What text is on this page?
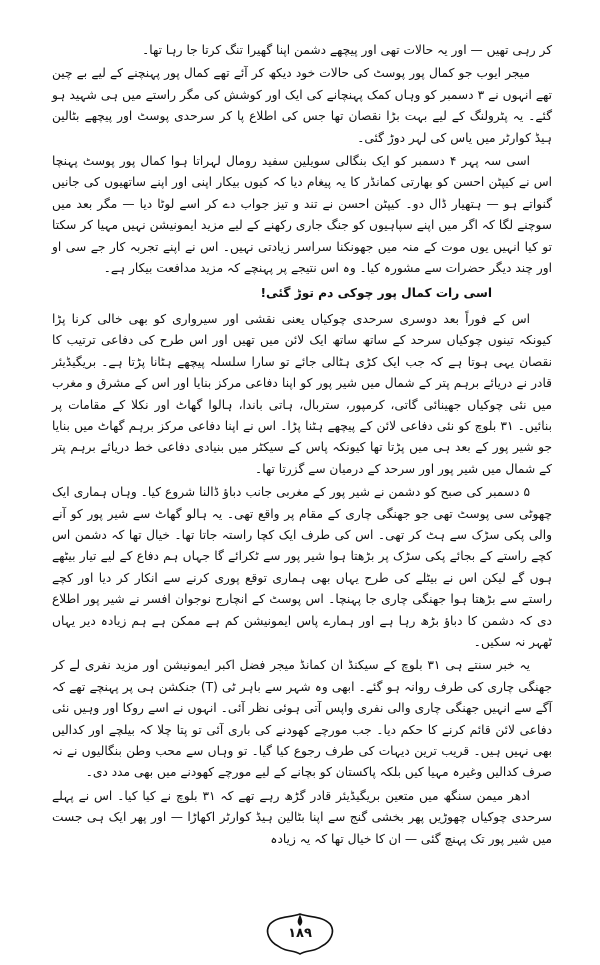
کر رہی تھیں — اور یہ حالات تھی اور پیچھے دشمن اپنا گھیرا تنگ کرتا جا رہا تھا۔

میجر ایوب جو کمال پور پوسٹ کی حالات خود دیکھ کر آئے تھے کمال پور پہنچنے کے لیے بے چین تھے انہوں نے ۳ دسمبر کو وہاں کمک پہنچانے کی ایک اور کوشش کی مگر راستے میں ہی شہید ہو گئے۔ یہ پٹرولنگ کے لیے بہت بڑا نقصان تھا جس کی اطلاع پا کر سرحدی پوسٹ اور پیچھے بٹالین ہیڈ کوارٹر میں یاس کی لہر دوڑ گئی۔

اسی سہ پہر ۴ دسمبر کو ایک بنگالی سویلین سفید رومال لہراتا ہوا کمال پور پوسٹ پہنچا اس نے کیپٹن احسن کو بھارتی کمانڈر کا یہ پیغام دیا کہ کیوں بیکار اپنی اور اپنے ساتھیوں کی جانیں گنواتے ہو — ہتھیار ڈال دو۔ کیپٹن احسن نے تند و تیز جواب دے کر اسے لوٹا دیا — مگر بعد میں سوچنے لگا کہ اگر میں اپنے سپاہیوں کو جنگ جاری رکھنے کے لیے مزید ایمونیشن نہیں مہیا کر سکتا تو کیا انہیں یوں موت کے منہ میں جھونکنا سراسر زیادتی نہیں۔ اس نے اپنے تجربہ کار جے سی او اور چند دیگر حضرات سے مشورہ کیا۔ وہ اس نتیجے پر پہنچے کہ مزید مدافعت بیکار ہے۔

اسی رات کمال پور چوکی دم توڑ گئی!

اس کے فوراً بعد دوسری سرحدی چوکیاں یعنی نقشی اور سیرواری کو بھی خالی کرنا پڑا کیونکہ تینوں چوکیاں سرحد کے ساتھ ساتھ ایک لائن میں تھیں اور اس طرح کی دفاعی ترتیب کا نقصان یہی ہوتا ہے کہ جب ایک کڑی ہٹالی جائے تو سارا سلسلہ پیچھے ہٹانا پڑتا ہے۔ بریگیڈیئر قادر نے دریائے برہم پتر کے شمال میں شیر پور کو اپنا دفاعی مرکز بنایا اور اس کے مشرق و مغرب میں نئی چوکیاں جھینائی گاتی، کرمپور، ستربال، ہاتی باندا، ہالوا گھاٹ اور نکلا کے مقامات پر بنائیں۔ ۳۱ بلوچ کو نئی دفاعی لائن کے پیچھے ہٹنا پڑا۔ اس نے اپنا دفاعی مرکز برہم گھاٹ میں بنایا جو شیر پور کے بعد ہی میں پڑتا تھا کیونکہ پاس کے سیکٹر میں بنیادی دفاعی خط دریائے برہم پتر کے شمال میں شیر پور اور سرحد کے درمیان سے گزرتا تھا۔

۵ دسمبر کی صبح کو دشمن نے شیر پور کے مغربی جانب دباؤ ڈالنا شروع کیا۔ وہاں ہماری ایک چھوٹی سی پوسٹ تھی جو جھنگی چاری کے مقام پر واقع تھی۔ یہ ہالو گھاٹ سے شیر پور کو آنے والی پکی سڑک سے ہٹ کر تھی۔ اس کی طرف ایک کچا راستہ جاتا تھا۔ خیال تھا کہ دشمن اس کچے راستے کے بجائے پکی سڑک پر بڑھتا ہوا شیر پور سے ٹکرائے گا جہاں ہم دفاع کے لیے تیار بیٹھے ہوں گے لیکن اس نے بیٹلے کی طرح یہاں بھی ہماری توقع پوری کرنے سے انکار کر دیا اور کچے راستے سے بڑھتا ہوا جھنگی چاری جا پہنچا۔ اس پوسٹ کے انچارج نوجوان افسر نے شیر پور اطلاع دی کہ دشمن کا دباؤ بڑھ رہا ہے اور ہمارے پاس ایمونیشن کم ہے ممکن ہے ہم زیادہ دیر یہاں ٹھہر نہ سکیں۔

یہ خبر سنتے ہی ۳۱ بلوچ کے سیکنڈ ان کمانڈ میجر فضل اکبر ایمونیشن اور مزید نفری لے کر جھنگی چاری کی طرف روانہ ہو گئے۔ ابھی وہ شہر سے باہر ٹی (T) جنکشن ہی پر پہنچے تھے کہ آگے سے انہیں جھنگی چاری والی نفری واپس آتی ہوئی نظر آئی۔ انہوں نے اسے روکا اور وہیں نئی دفاعی لائن قائم کرنے کا حکم دیا۔ جب مورچے کھودنے کی باری آئی تو پتا چلا کہ بیلچے اور کدالیں بھی نہیں ہیں۔ قریب ترین دیہات کی طرف رجوع کیا گیا۔ تو وہاں سے محب وطن بنگالیوں نے نہ صرف کدالیں وغیرہ مہیا کیں بلکہ پاکستان کو بچانے کے لیے مورچے کھودنے میں بھی مدد دی۔

ادھر میمن سنگھ میں متعین بریگیڈیئر قادر گڑھ رہے تھے کہ ۳۱ بلوچ نے کیا کیا۔ اس نے پہلے سرحدی چوکیاں چھوڑیں پھر بخشی گنج سے اپنا بٹالین ہیڈ کوارٹر اکھاڑا — اور پھر ایک ہی جست میں شیر پور تک پہنچ گئی — ان کا خیال تھا کہ یہ زیادہ

۱۸۹
